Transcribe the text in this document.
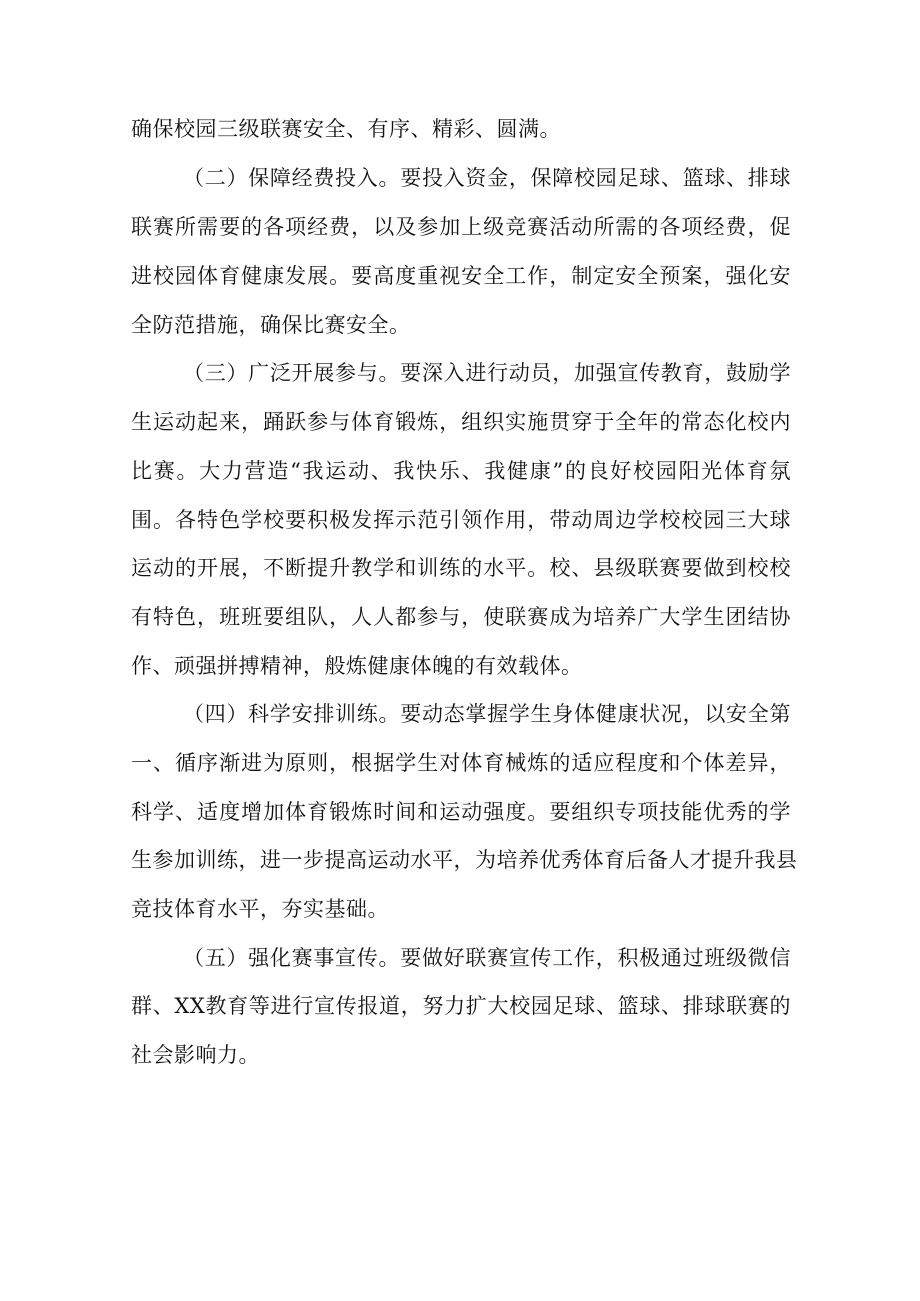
确保校园三级联赛安全、有序、精彩、圆满。
（二）保障经费投入。要投入资金，保障校园足球、篮球、排球
联赛所需要的各项经费，以及参加上级竞赛活动所需的各项经费，促
进校园体育健康发展。要高度重视安全工作，制定安全预案，强化安
全防范措施，确保比赛安全。
（三）广泛开展参与。要深入进行动员，加强宣传教育，鼓励学
生运动起来，踊跃参与体育锻炼，组织实施贯穿于全年的常态化校内
比赛。大力营造“我运动、我快乐、我健康”的良好校园阳光体育氛
围。各特色学校要积极发挥示范引领作用，带动周边学校校园三大球
运动的开展，不断提升教学和训练的水平。校、县级联赛要做到校校
有特色，班班要组队，人人都参与，使联赛成为培养广大学生团结协
作、顽强拼搏精神，般炼健康体魄的有效载体。
（四）科学安排训练。要动态掌握学生身体健康状况，以安全第
一、循序渐进为原则，根据学生对体育械炼的适应程度和个体差异，
科学、适度增加体育锻炼时间和运动强度。要组织专项技能优秀的学
生参加训练，进一步提高运动水平，为培养优秀体育后备人才提升我县
竞技体育水平，夯实基础。
（五）强化赛事宣传。要做好联赛宣传工作，积极通过班级微信
群、XX教育等进行宣传报道，努力扩大校园足球、篮球、排球联赛的
社会影响力。
